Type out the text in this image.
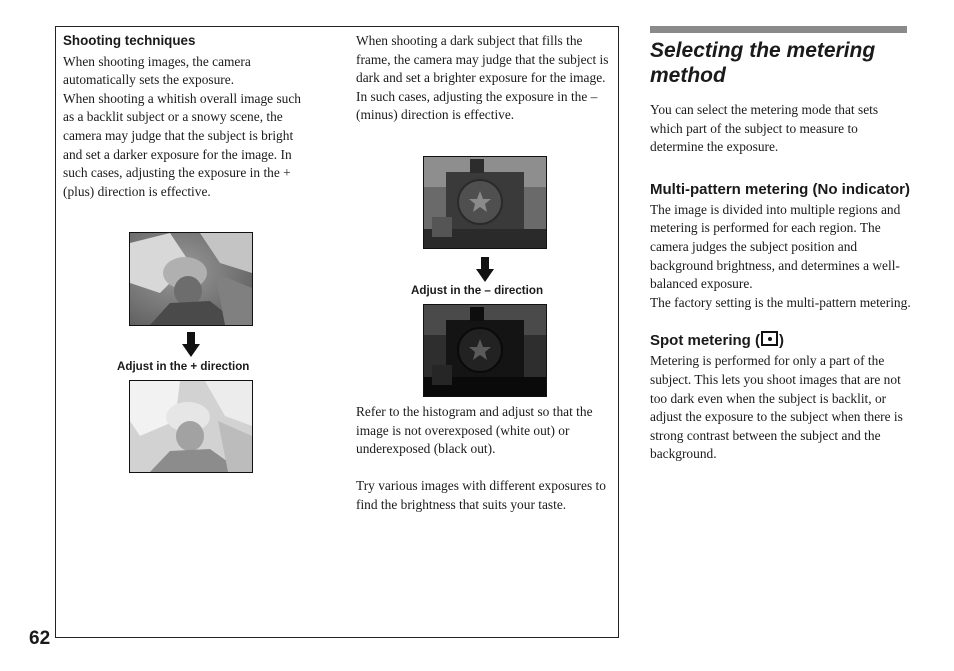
Shooting techniques

When shooting images, the camera automatically sets the exposure.

When shooting a whitish overall image such as a backlit subject or a snowy scene, the camera may judge that the subject is bright and set a darker exposure for the image. In such cases, adjusting the exposure in the + (plus) direction is effective.

Adjust in the + direction

When shooting a dark subject that fills the frame, the camera may judge that the subject is dark and set a brighter exposure for the image. In such cases, adjusting the exposure in the – (minus) direction is effective.

Adjust in the – direction

Refer to the histogram and adjust so that the image is not overexposed (white out) or underexposed (black out).

Try various images with different exposures to find the brightness that suits your taste.

Selecting the metering method

You can select the metering mode that sets which part of the subject to measure to determine the exposure.

Multi-pattern metering (No indicator)

The image is divided into multiple regions and metering is performed for each region. The camera judges the subject position and background brightness, and determines a well-balanced exposure.

The factory setting is the multi-pattern metering.

Spot metering ( )

Metering is performed for only a part of the subject. This lets you shoot images that are not too dark even when the subject is backlit, or adjust the exposure to the subject when there is strong contrast between the subject and the background.

62
